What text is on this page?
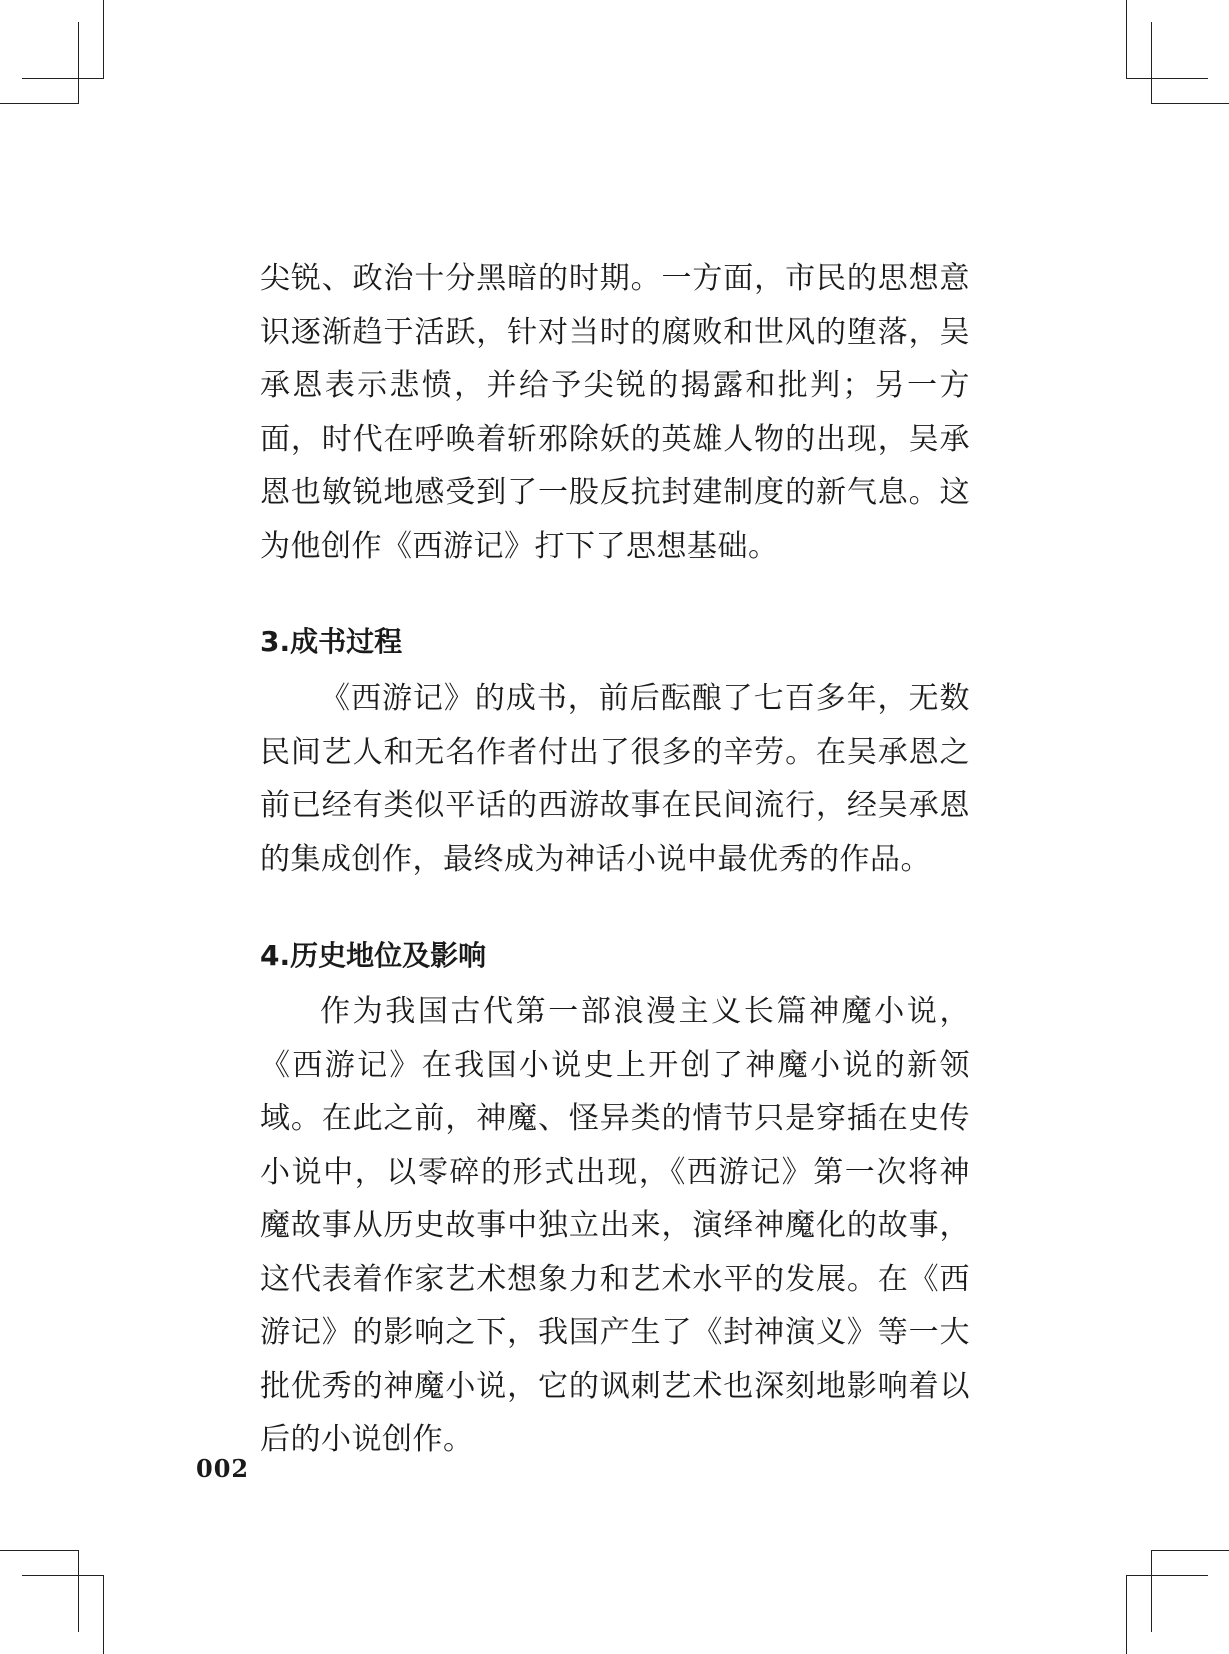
尖锐、政治十分黑暗的时期。一方面，市民的思想意识逐渐趋于活跃，针对当时的腐败和世风的堕落，吴承恩表示悲愤，并给予尖锐的揭露和批判；另一方面，时代在呼唤着斩邪除妖的英雄人物的出现，吴承恩也敏锐地感受到了一股反抗封建制度的新气息。这为他创作《西游记》打下了思想基础。

3.成书过程

《西游记》的成书，前后酝酿了七百多年，无数民间艺人和无名作者付出了很多的辛劳。在吴承恩之前已经有类似平话的西游故事在民间流行，经吴承恩的集成创作，最终成为神话小说中最优秀的作品。

4.历史地位及影响

作为我国古代第一部浪漫主义长篇神魔小说，《西游记》在我国小说史上开创了神魔小说的新领域。在此之前，神魔、怪异类的情节只是穿插在史传小说中，以零碎的形式出现，《西游记》第一次将神魔故事从历史故事中独立出来，演绎神魔化的故事，这代表着作家艺术想象力和艺术水平的发展。在《西游记》的影响之下，我国产生了《封神演义》等一大批优秀的神魔小说，它的讽刺艺术也深刻地影响着以后的小说创作。

002
